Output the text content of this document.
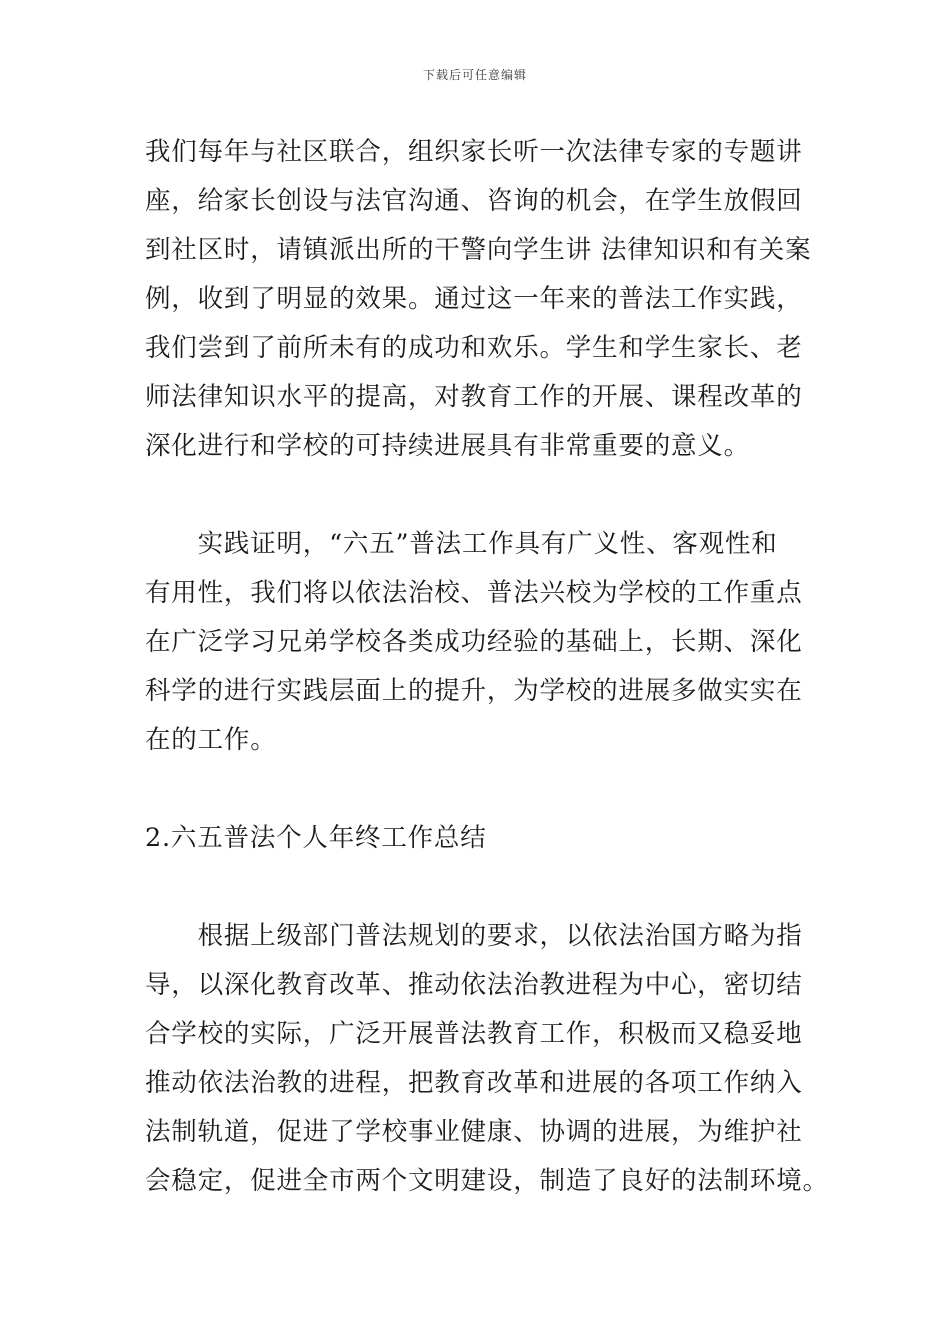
下载后可任意编辑
我们每年与社区联合，组织家长听一次法律专家的专题讲
座，给家长创设与法官沟通、咨询的机会，在学生放假回
到社区时，请镇派出所的干警向学生讲 法律知识和有关案
例，收到了明显的效果。通过这一年来的普法工作实践，
我们尝到了前所未有的成功和欢乐。学生和学生家长、老
师法律知识水平的提高，对教育工作的开展、课程改革的
深化进行和学校的可持续进展具有非常重要的意义。
　　实践证明，“六五”普法工作具有广义性、客观性和
有用性，我们将以依法治校、普法兴校为学校的工作重点
在广泛学习兄弟学校各类成功经验的基础上，长期、深化
科学的进行实践层面上的提升，为学校的进展多做实实在
在的工作。
2.六五普法个人年终工作总结
　　根据上级部门普法规划的要求，以依法治国方略为指
导，以深化教育改革、推动依法治教进程为中心，密切结
合学校的实际，广泛开展普法教育工作，积极而又稳妥地
推动依法治教的进程，把教育改革和进展的各项工作纳入
法制轨道，促进了学校事业健康、协调的进展，为维护社
会稳定，促进全市两个文明建设，制造了良好的法制环境。
